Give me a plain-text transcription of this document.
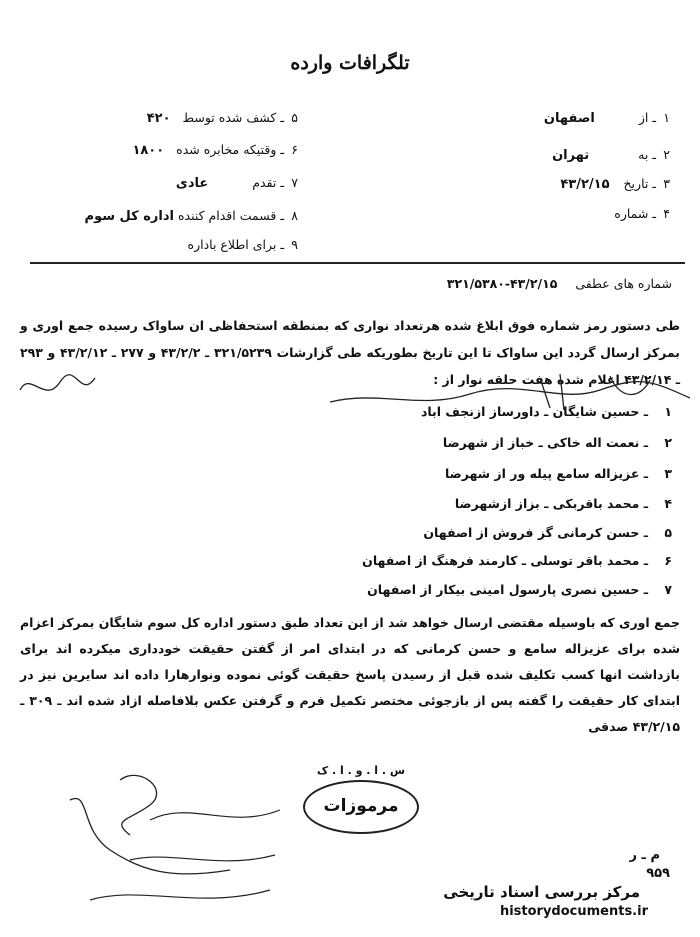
تلگرافات وارده
۱ـ از اصفهان
۲ـ به تهران
۳ـ تاریخ ۴۳/۲/۱۵
۴ـ شماره
۵ـ کشف شده توسط ۴۲۰
۶ـ وقتیکه مخابره شده ۱۸۰۰
۷ـ تقدم عادی
۸ـ قسمت اقدام کننده اداره کل سوم
۹ـ برای اطلاع باداره
شماره های عطفی ۴۳/۲/۱۵-۳۲۱/۵۳۸۰
طی دستور رمز شماره فوق ابلاغ شده هرتعداد نواری که بمنطقه استحفاظی ان ساواک رسیده جمع اوری و بمرکز ارسال گردد این ساواک تا این تاریخ بطوریکه طی گزارشات ۳۲۱/۵۲۳۹ ـ ۴۳/۲/۲ و ۲۷۷ ـ ۴۳/۲/۱۲ و ۲۹۳ ـ ۴۳/۲/۱۴ اعلام شده هفت حلقه نوار از :
۱ـ حسین شایگان ـ داورساز ازنجف اباد
۲ـ نعمت اله خاکی ـ خباز از شهرضا
۳ـ عزیزاله سامع پیله ور از شهرضا
۴ـ محمد باقربکی ـ بزاز ازشهرضا
۵ـ حسن کرمانی گز فروش از اصفهان
۶ـ محمد باقر توسلی ـ کارمند فرهنگ از اصفهان
۷ـ حسین نصری پارسول امینی بیکار از اصفهان
جمع اوری که باوسیله مقتضی ارسال خواهد شد از این تعداد طبق دستور اداره کل سوم شایگان بمرکز اعزام شده برای عزیزاله سامع و حسن کرمانی که در ابتدای امر از گفتن حقیقت خودداری میکرده اند برای بازداشت انها کسب تکلیف شده قبل از رسیدن پاسخ حقیقت گوئی نموده ونوارهارا داده اند سایرین نیز در ابتدای کار حقیقت را گفته پس از بازجوئی مختصر تکمیل فرم و گرفتن عکس بلافاصله ازاد شده اند ـ ۳۰۹ ـ ۴۳/۲/۱۵ صدقی
س . ا . و . ا . ک
مرموزات
م ـ ر
۹۵۹
مرکز بررسی اسناد تاریخی
historydocuments.ir
